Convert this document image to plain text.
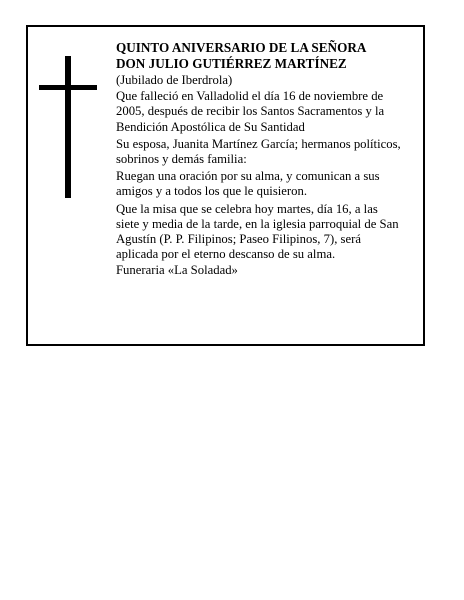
QUINTO ANIVERSARIO DE LA SEÑORA
DON JULIO GUTIÉRREZ MARTÍNEZ
(Jubilado de Iberdrola)
Que falleció en Valladolid el día 16 de noviembre de
2005, después de recibir los Santos Sacramentos y la
Bendición Apostólica de Su Santidad
Su esposa, Juanita Martínez García; hermanos políticos,
sobrinos y demás familia:
Ruegan una oración por su alma, y comunican a sus
amigos y a todos los que le quisieron.
Que la misa que se celebra hoy martes, día 16, a las
siete y media de la tarde, en la iglesia parroquial de San
Agustín (P. P. Filipinos; Paseo Filipinos, 7), será
aplicada por el eterno descanso de su alma.
Funeraria «La Soladad»
